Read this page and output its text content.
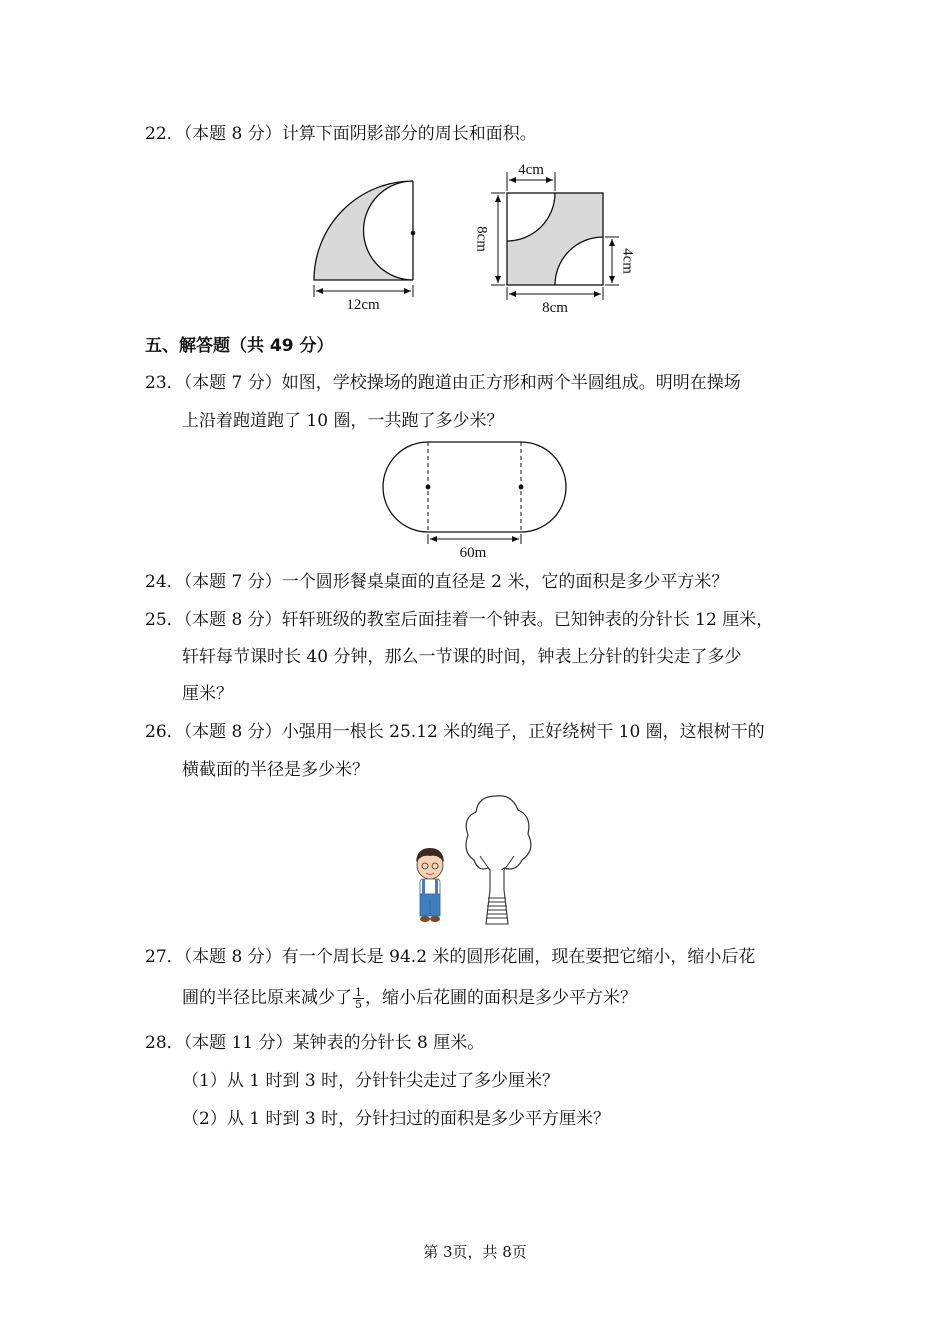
22．（本题 8 分）计算下面阴影部分的周长和面积。
12cm
4cm
8cm
4cm
8cm
五、解答题（共 49 分）
23．（本题 7 分）如图，学校操场的跑道由正方形和两个半圆组成。明明在操场
上沿着跑道跑了 10 圈，一共跑了多少米？
60m
24．（本题 7 分）一个圆形餐桌桌面的直径是 2 米，它的面积是多少平方米？
25．（本题 8 分）轩轩班级的教室后面挂着一个钟表。已知钟表的分针长 12 厘米，
轩轩每节课时长 40 分钟，那么一节课的时间，钟表上分针的针尖走了多少
厘米？
26．（本题 8 分）小强用一根长 25.12 米的绳子，正好绕树干 10 圈，这根树干的
横截面的半径是多少米？
27．（本题 8 分）有一个周长是 94.2 米的圆形花圃，现在要把它缩小，缩小后花
圃的半径比原来减少了 $\frac{1}{5}$ ，缩小后花圃的面积是多少平方米？
28．（本题 11 分）某钟表的分针长 8 厘米。
（1）从 1 时到 3 时，分针针尖走过了多少厘米？
（2）从 1 时到 3 时，分针扫过的面积是多少平方厘米？
第 3页，共 8页
